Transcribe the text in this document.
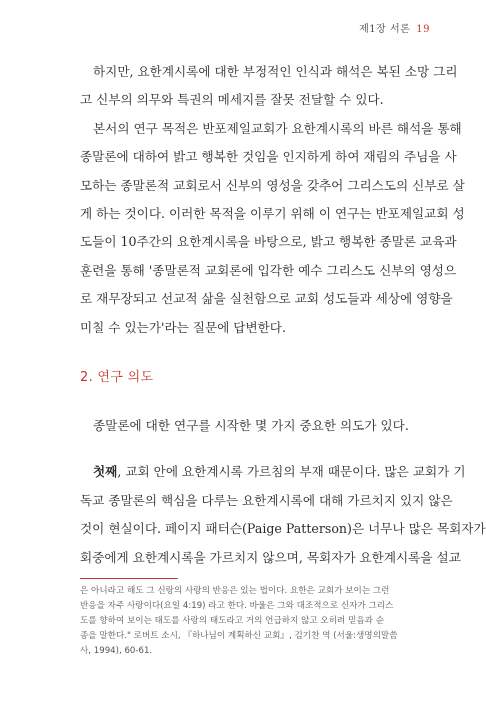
제1장 서론 19

하지만, 요한계시록에 대한 부정적인 인식과 해석은 복된 소망 그리
고 신부의 의무와 특권의 메세지를 잘못 전달할 수 있다.

본서의 연구 목적은 반포제일교회가 요한계시록의 바른 해석을 통해
종말론에 대하여 밝고 행복한 것임을 인지하게 하여 재림의 주님을 사
모하는 종말론적 교회로서 신부의 영성을 갖추어 그리스도의 신부로 살
게 하는 것이다. 이러한 목적을 이루기 위해 이 연구는 반포제일교회 성
도들이 10주간의 요한계시록을 바탕으로, 밝고 행복한 종말론 교육과
훈련을 통해 '종말론적 교회론에 입각한 예수 그리스도 신부의 영성으
로 재무장되고 선교적 삶을 실천함으로 교회 성도들과 세상에 영향을
미칠 수 있는가'라는 질문에 답변한다.

2. 연구 의도

종말론에 대한 연구를 시작한 몇 가지 중요한 의도가 있다.

첫째, 교회 안에 요한계시록 가르침의 부재 때문이다. 많은 교회가 기
독교 종말론의 핵심을 다루는 요한계시록에 대해 가르치지 있지 않은
것이 현실이다. 페이지 패터슨(Paige Patterson)은 너무나 많은 목회자가
회중에게 요한계시록을 가르치지 않으며, 목회자가 요한계시록을 설교

은 아니라고 해도 그 신랑의 사랑의 반응은 있는 법이다. 요한은 교회가 보이는 그런
반응을 자주 사랑이다(요일 4:19) 라고 한다. 바울은 그와 대조적으로 신자가 그리스
도를 향하여 보이는 태도를 사랑의 태도라고 거의 언급하지 않고 오히려 믿음과 순
종을 말한다." 로버트 소시, 『하나님이 계획하신 교회』, 김기찬 역 (서울:생명의말씀
사, 1994), 60-61.
